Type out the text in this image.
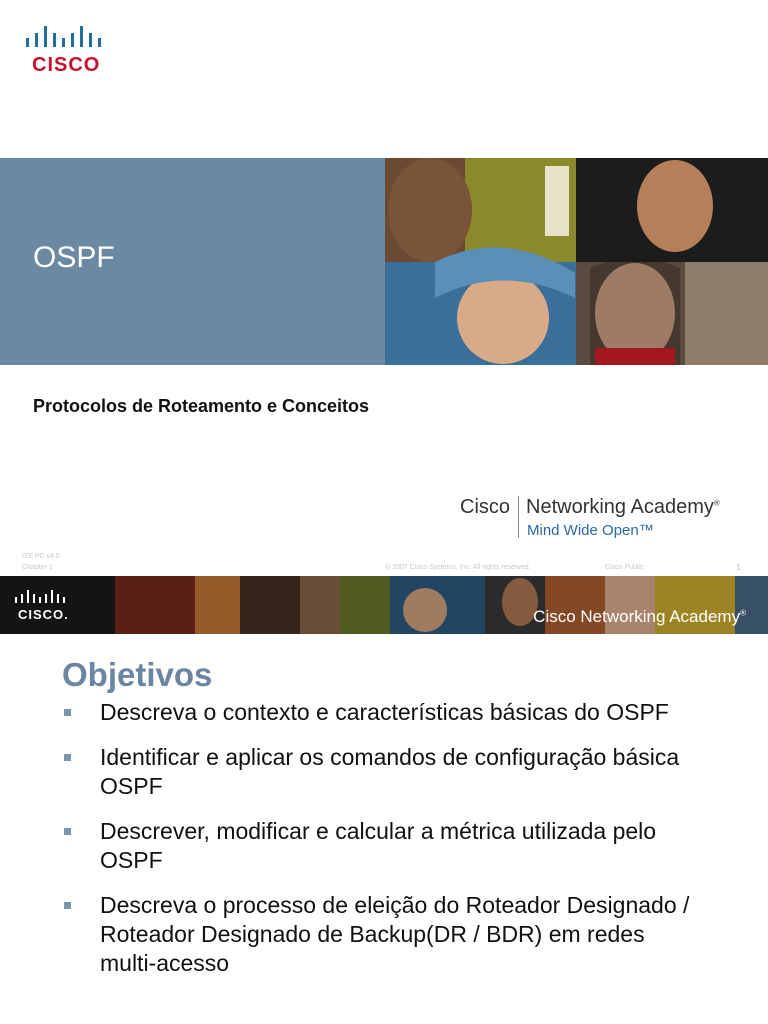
CISCO
OSPF
Protocolos de Roteamento e Conceitos
Cisco Networking Academy®
Mind Wide Open™
ITE PC v4.0
Chapter 1	© 2007 Cisco Systems, Inc. All rights reserved.	Cisco Public	1
CISCO.	Cisco Networking Academy®
Objetivos
Descreva o contexto e características básicas do OSPF
Identificar e aplicar os comandos de configuração básica OSPF
Descrever, modificar e calcular a métrica utilizada pelo OSPF
Descreva o processo de eleição do Roteador Designado / Roteador Designado de Backup(DR / BDR) em redes multi-acesso
